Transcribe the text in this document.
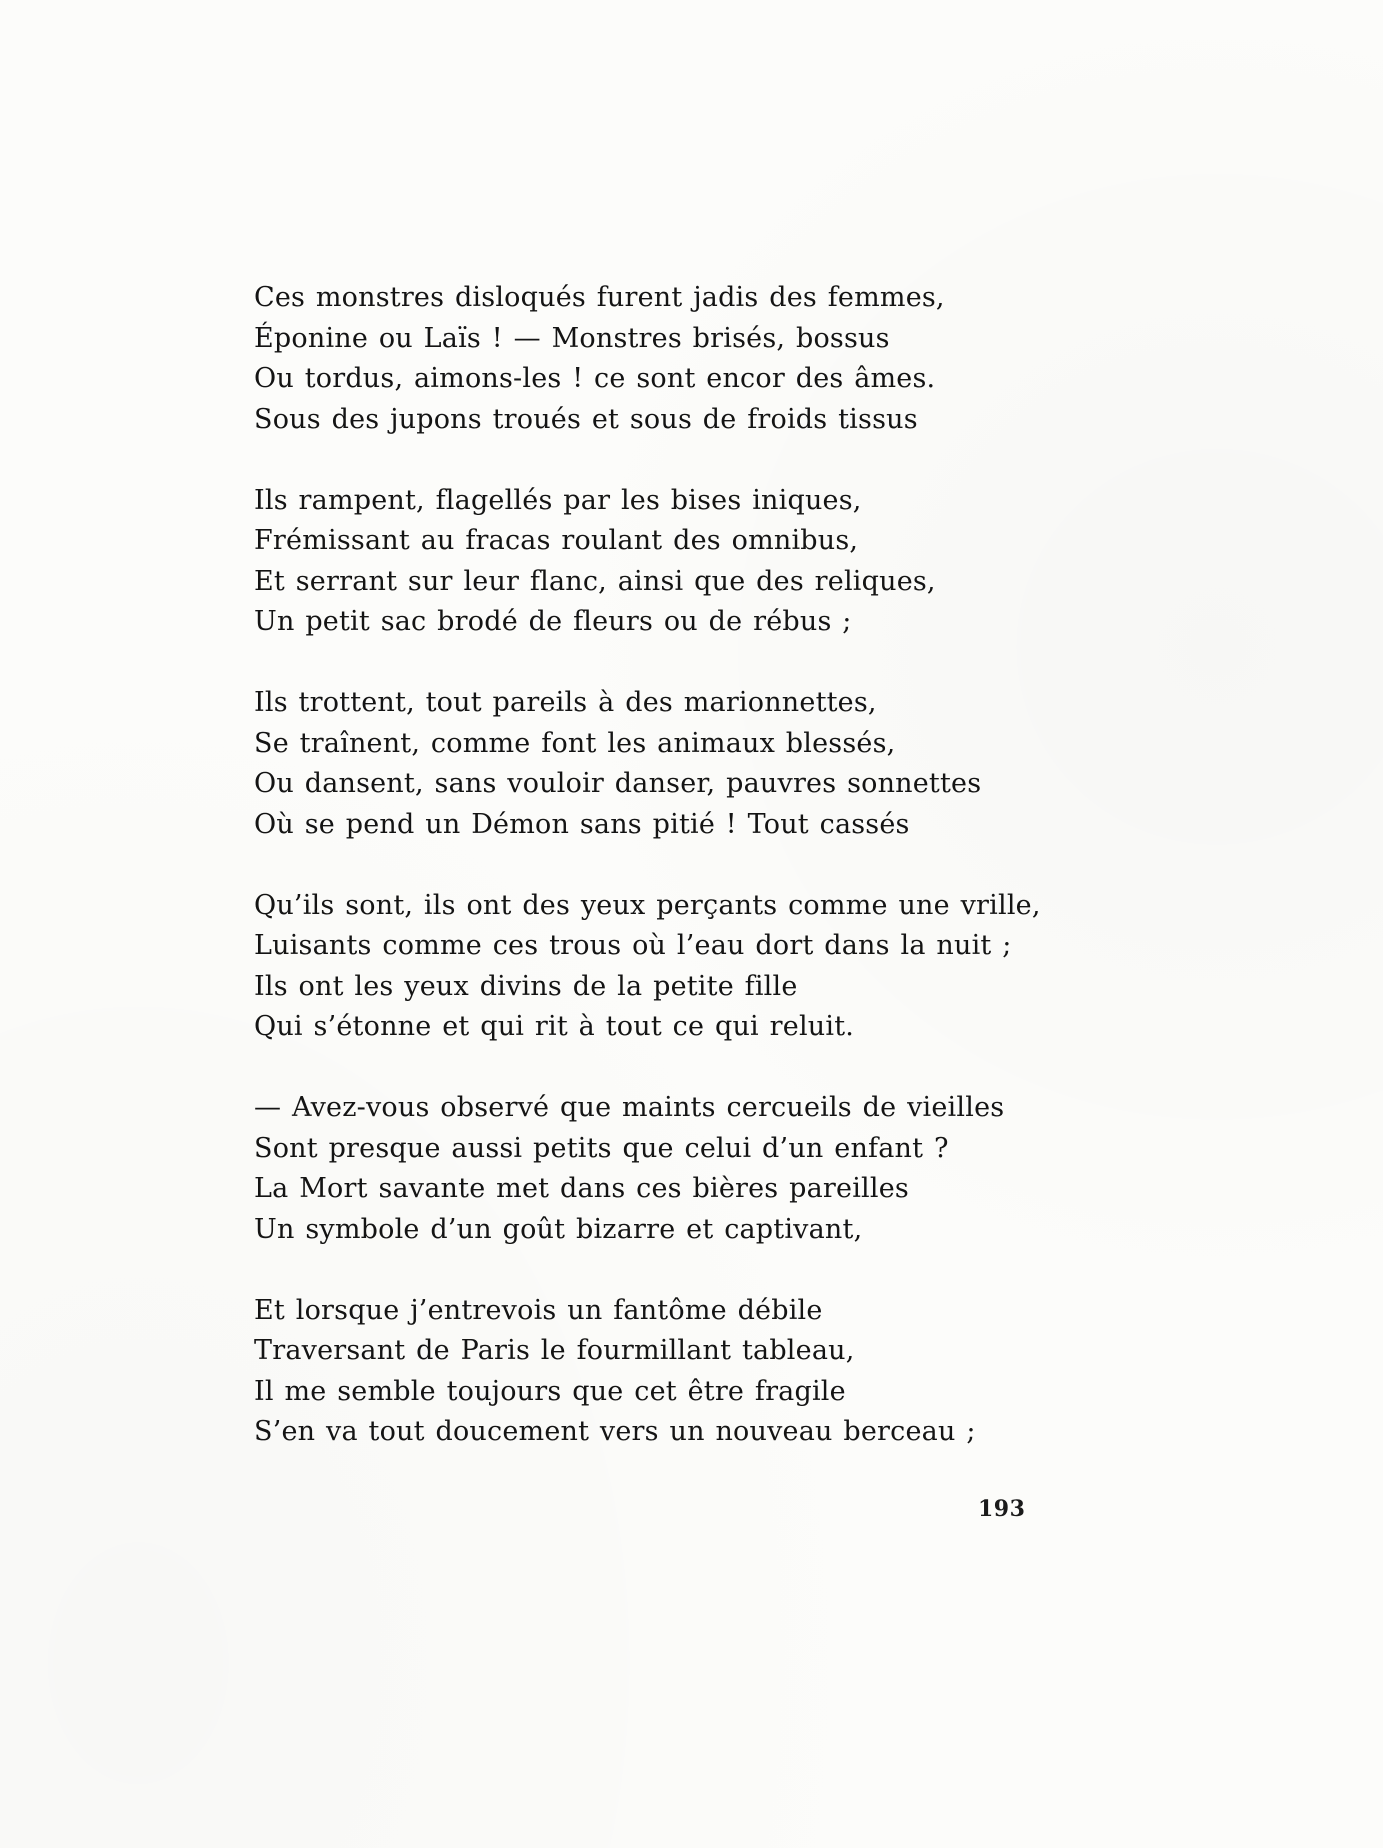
Ces monstres disloqués furent jadis des femmes,
Éponine ou Laïs ! — Monstres brisés, bossus
Ou tordus, aimons-les ! ce sont encor des âmes.
Sous des jupons troués et sous de froids tissus
Ils rampent, flagellés par les bises iniques,
Frémissant au fracas roulant des omnibus,
Et serrant sur leur flanc, ainsi que des reliques,
Un petit sac brodé de fleurs ou de rébus ;
Ils trottent, tout pareils à des marionnettes,
Se traînent, comme font les animaux blessés,
Ou dansent, sans vouloir danser, pauvres sonnettes
Où se pend un Démon sans pitié ! Tout cassés
Qu’ils sont, ils ont des yeux perçants comme une vrille,
Luisants comme ces trous où l’eau dort dans la nuit ;
Ils ont les yeux divins de la petite fille
Qui s’étonne et qui rit à tout ce qui reluit.
— Avez-vous observé que maints cercueils de vieilles
Sont presque aussi petits que celui d’un enfant ?
La Mort savante met dans ces bières pareilles
Un symbole d’un goût bizarre et captivant,
Et lorsque j’entrevois un fantôme débile
Traversant de Paris le fourmillant tableau,
Il me semble toujours que cet être fragile
S’en va tout doucement vers un nouveau berceau ;
193
